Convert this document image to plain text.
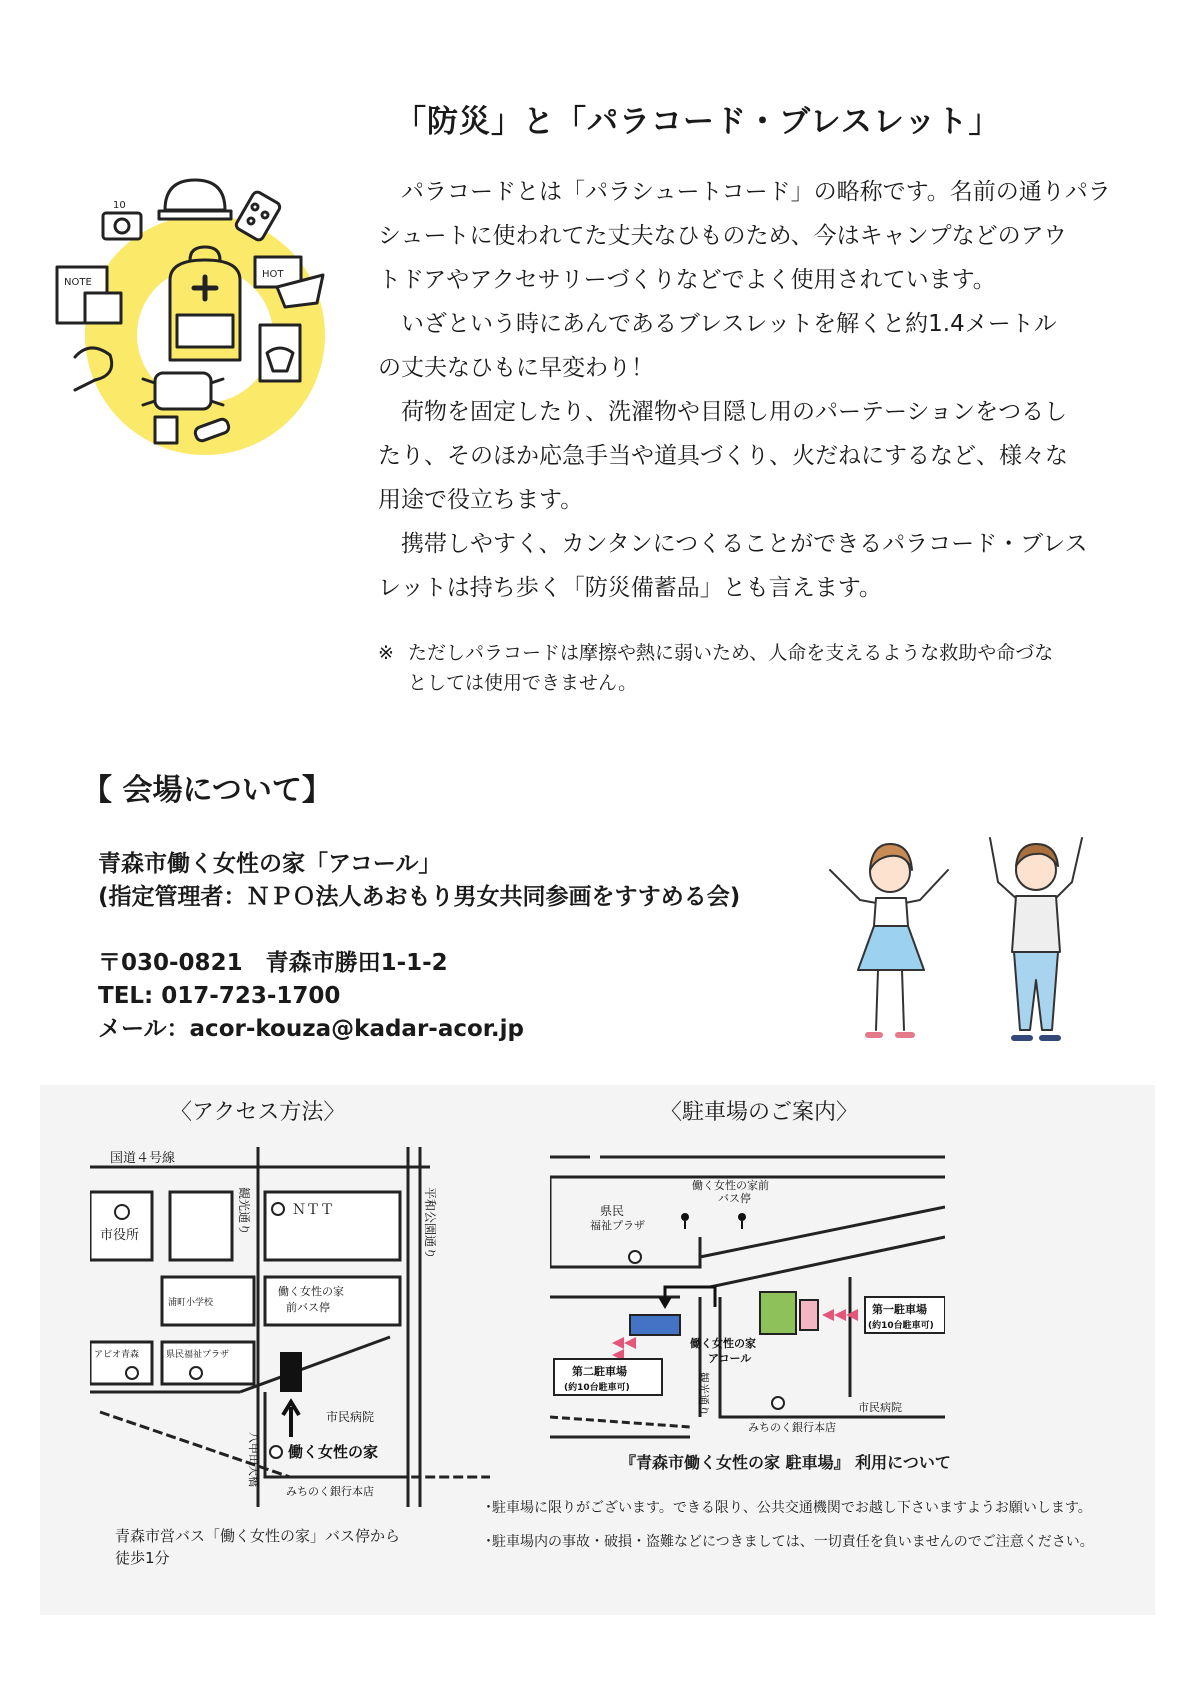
「防災」と「パラコード・ブレスレット」

　パラコードとは「パラシュートコード」の略称です。名前の通りパラ

シュートに使われてた丈夫なひものため、今はキャンプなどのアウ

トドアやアクセサリーづくりなどでよく使用されています。

　いざという時にあんであるブレスレットを解くと約1.4メートル

の丈夫なひもに早変わり！

　荷物を固定したり、洗濯物や目隠し用のパーテーションをつるし

たり、そのほか応急手当や道具づくり、火だねにするなど、様々な

用途で役立ちます。

　携帯しやすく、カンタンにつくることができるパラコード・ブレス

レットは持ち歩く「防災備蓄品」とも言えます。

※ ただしパラコードは摩擦や熱に弱いため、人命を支えるような救助や命づな
としては使用できません。
NOTE
HOT
10
【 会場について】
青森市働く女性の家「アコール」
(指定管理者：ＮＰＯ法人あおもり男女共同参画をすすめる会)
〒030-0821　青森市勝田1-1-2
TEL: 017-723-1700
メール：acor-kouza@kadar-acor.jp
〈アクセス方法〉
国道４号線
市役所
ＮＴＴ
浦町小学校
働く女性の家
前バス停
アピオ青森	県民福祉プラザ
市民病院
働く女性の家
みちのく銀行本店
観光通り	平和公園通り
八甲田大橋
青森市営バス「働く女性の家」バス停から
徒歩1分
〈駐車場のご案内〉
県民
福祉プラザ
働く女性の家前
バス停
働く女性の家
アコール
市民病院
みちのく銀行本店
観光通り
第一駐車場
(約10台駐車可)
第二駐車場
(約10台駐車可)
『青森市働く女性の家 駐車場』 利用について
･駐車場に限りがございます。できる限り、公共交通機関でお越し下さいますようお願いします。
･駐車場内の事故・破損・盗難などにつきましては、一切責任を負いませんのでご注意ください。
